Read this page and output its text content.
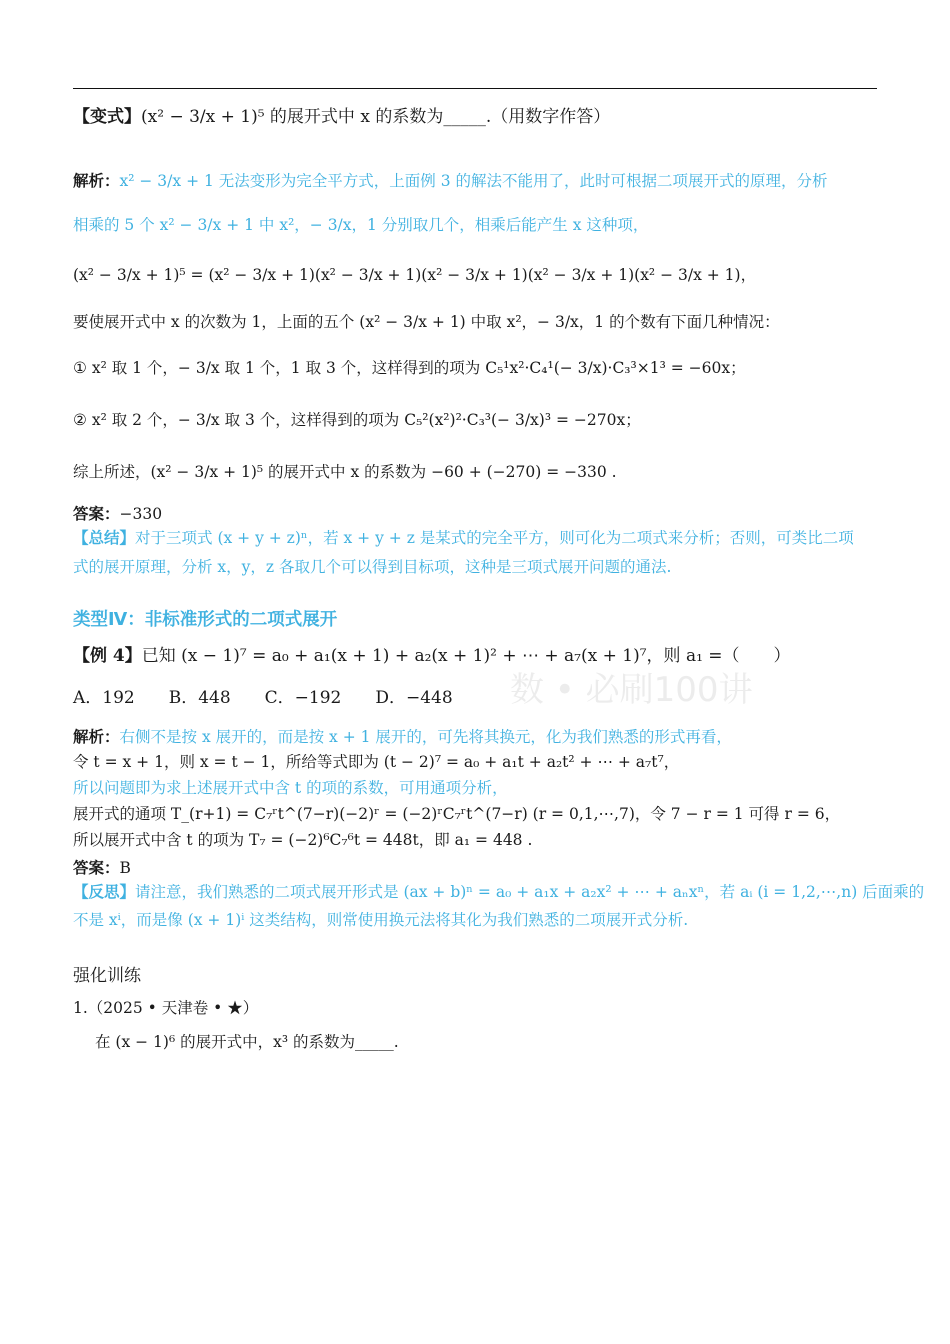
数 • 必刷100讲
【变式】(x² − 3/x + 1)⁵ 的展开式中 x 的系数为_____.（用数字作答）
解析：x² − 3/x + 1 无法变形为完全平方式，上面例 3 的解法不能用了，此时可根据二项展开式的原理，分析
相乘的 5 个 x² − 3/x + 1 中 x²，− 3/x，1 分别取几个，相乘后能产生 x 这种项，
(x² − 3/x + 1)⁵ = (x² − 3/x + 1)(x² − 3/x + 1)(x² − 3/x + 1)(x² − 3/x + 1)(x² − 3/x + 1)，
要使展开式中 x 的次数为 1，上面的五个 (x² − 3/x + 1) 中取 x²，− 3/x，1 的个数有下面几种情况：
① x² 取 1 个，− 3/x 取 1 个，1 取 3 个，这样得到的项为 C₅¹x²·C₄¹(− 3/x)·C₃³×1³ = −60x；
② x² 取 2 个，− 3/x 取 3 个，这样得到的项为 C₅²(x²)²·C₃³(− 3/x)³ = −270x；
综上所述，(x² − 3/x + 1)⁵ 的展开式中 x 的系数为 −60 + (−270) = −330 .
答案：−330
【总结】对于三项式 (x + y + z)ⁿ，若 x + y + z 是某式的完全平方，则可化为二项式来分析；否则，可类比二项
式的展开原理，分析 x，y，z 各取几个可以得到目标项，这种是三项式展开问题的通法.
类型Ⅳ：非标准形式的二项式展开
【例 4】已知 (x − 1)⁷ = a₀ + a₁(x + 1) + a₂(x + 1)² + ⋯ + a₇(x + 1)⁷，则 a₁ =（　　）
A．192　　B．448　　C．−192　　D．−448
解析：右侧不是按 x 展开的，而是按 x + 1 展开的，可先将其换元，化为我们熟悉的形式再看，
令 t = x + 1，则 x = t − 1，所给等式即为 (t − 2)⁷ = a₀ + a₁t + a₂t² + ⋯ + a₇t⁷，
所以问题即为求上述展开式中含 t 的项的系数，可用通项分析，
展开式的通项 T_(r+1) = C₇ʳt^(7−r)(−2)ʳ = (−2)ʳC₇ʳt^(7−r) (r = 0,1,⋯,7)，令 7 − r = 1 可得 r = 6，
所以展开式中含 t 的项为 T₇ = (−2)⁶C₇⁶t = 448t，即 a₁ = 448 .
答案：B
【反思】请注意，我们熟悉的二项式展开形式是 (ax + b)ⁿ = a₀ + a₁x + a₂x² + ⋯ + aₙxⁿ，若 aᵢ (i = 1,2,⋯,n) 后面乘的
不是 xⁱ，而是像 (x + 1)ⁱ 这类结构，则常使用换元法将其化为我们熟悉的二项展开式分析.
强化训练
1.（2025 • 天津卷 • ★）
在 (x − 1)⁶ 的展开式中，x³ 的系数为_____.
